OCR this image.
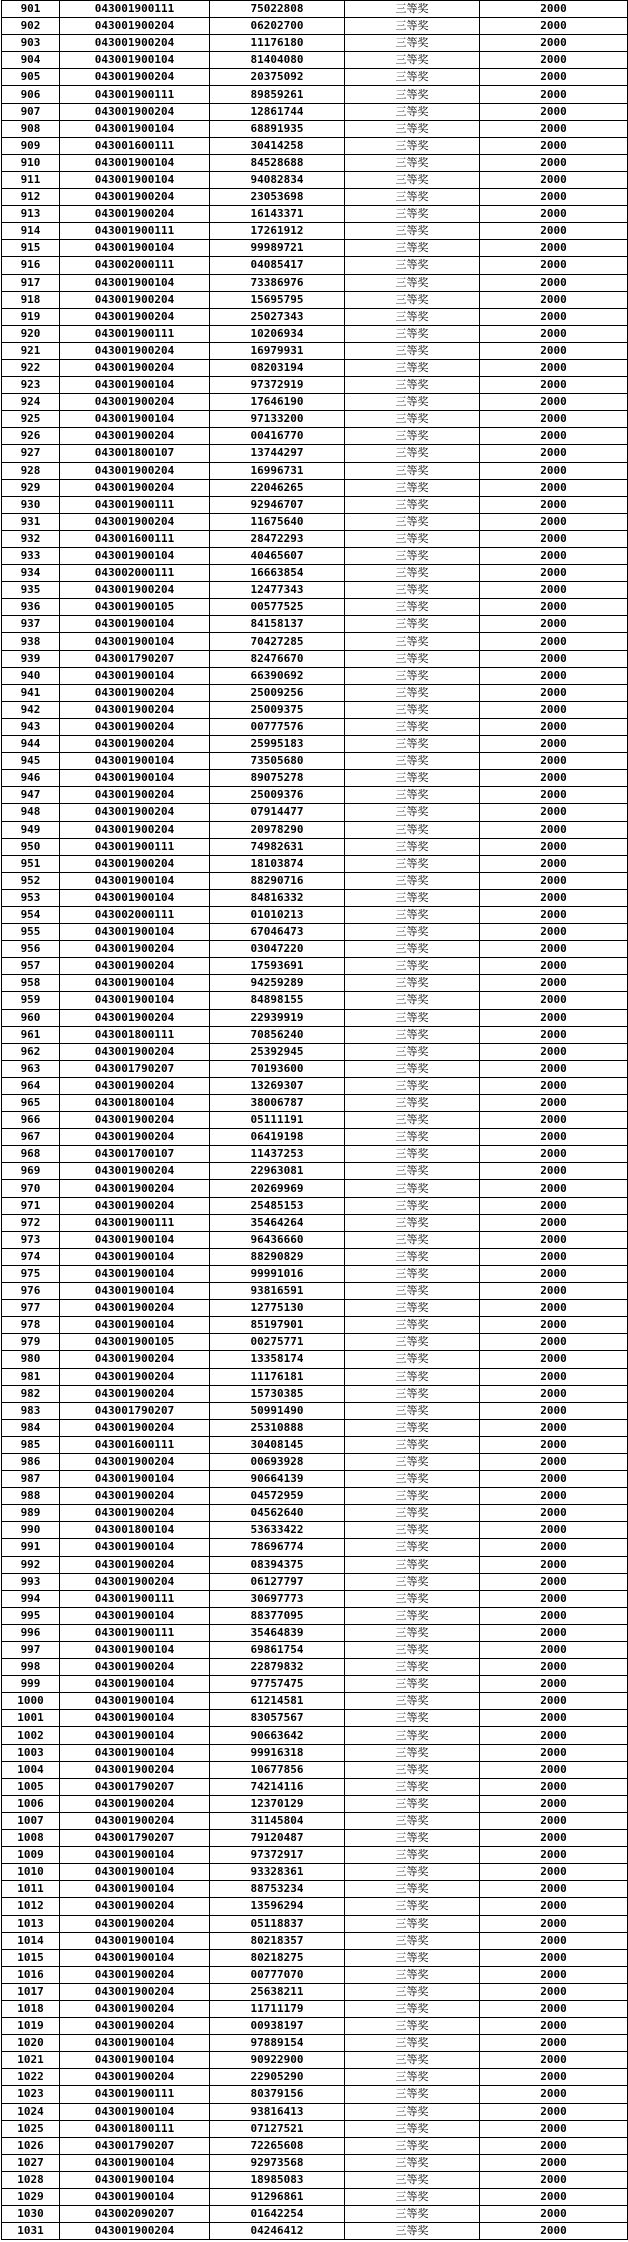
901	043001900111	75022808	三等奖	2000
902	043001900204	06202700	三等奖	2000
903	043001900204	11176180	三等奖	2000
904	043001900104	81404080	三等奖	2000
905	043001900204	20375092	三等奖	2000
906	043001900111	89859261	三等奖	2000
907	043001900204	12861744	三等奖	2000
908	043001900104	68891935	三等奖	2000
909	043001600111	30414258	三等奖	2000
910	043001900104	84528688	三等奖	2000
911	043001900104	94082834	三等奖	2000
912	043001900204	23053698	三等奖	2000
913	043001900204	16143371	三等奖	2000
914	043001900111	17261912	三等奖	2000
915	043001900104	99989721	三等奖	2000
916	043002000111	04085417	三等奖	2000
917	043001900104	73386976	三等奖	2000
918	043001900204	15695795	三等奖	2000
919	043001900204	25027343	三等奖	2000
920	043001900111	10206934	三等奖	2000
921	043001900204	16979931	三等奖	2000
922	043001900204	08203194	三等奖	2000
923	043001900104	97372919	三等奖	2000
924	043001900204	17646190	三等奖	2000
925	043001900104	97133200	三等奖	2000
926	043001900204	00416770	三等奖	2000
927	043001800107	13744297	三等奖	2000
928	043001900204	16996731	三等奖	2000
929	043001900204	22046265	三等奖	2000
930	043001900111	92946707	三等奖	2000
931	043001900204	11675640	三等奖	2000
932	043001600111	28472293	三等奖	2000
933	043001900104	40465607	三等奖	2000
934	043002000111	16663854	三等奖	2000
935	043001900204	12477343	三等奖	2000
936	043001900105	00577525	三等奖	2000
937	043001900104	84158137	三等奖	2000
938	043001900104	70427285	三等奖	2000
939	043001790207	82476670	三等奖	2000
940	043001900104	66390692	三等奖	2000
941	043001900204	25009256	三等奖	2000
942	043001900204	25009375	三等奖	2000
943	043001900204	00777576	三等奖	2000
944	043001900204	25995183	三等奖	2000
945	043001900104	73505680	三等奖	2000
946	043001900104	89075278	三等奖	2000
947	043001900204	25009376	三等奖	2000
948	043001900204	07914477	三等奖	2000
949	043001900204	20978290	三等奖	2000
950	043001900111	74982631	三等奖	2000
951	043001900204	18103874	三等奖	2000
952	043001900104	88290716	三等奖	2000
953	043001900104	84816332	三等奖	2000
954	043002000111	01010213	三等奖	2000
955	043001900104	67046473	三等奖	2000
956	043001900204	03047220	三等奖	2000
957	043001900204	17593691	三等奖	2000
958	043001900104	94259289	三等奖	2000
959	043001900104	84898155	三等奖	2000
960	043001900204	22939919	三等奖	2000
961	043001800111	70856240	三等奖	2000
962	043001900204	25392945	三等奖	2000
963	043001790207	70193600	三等奖	2000
964	043001900204	13269307	三等奖	2000
965	043001800104	38006787	三等奖	2000
966	043001900204	05111191	三等奖	2000
967	043001900204	06419198	三等奖	2000
968	043001700107	11437253	三等奖	2000
969	043001900204	22963081	三等奖	2000
970	043001900204	20269969	三等奖	2000
971	043001900204	25485153	三等奖	2000
972	043001900111	35464264	三等奖	2000
973	043001900104	96436660	三等奖	2000
974	043001900104	88290829	三等奖	2000
975	043001900104	99991016	三等奖	2000
976	043001900104	93816591	三等奖	2000
977	043001900204	12775130	三等奖	2000
978	043001900104	85197901	三等奖	2000
979	043001900105	00275771	三等奖	2000
980	043001900204	13358174	三等奖	2000
981	043001900204	11176181	三等奖	2000
982	043001900204	15730385	三等奖	2000
983	043001790207	50991490	三等奖	2000
984	043001900204	25310888	三等奖	2000
985	043001600111	30408145	三等奖	2000
986	043001900204	00693928	三等奖	2000
987	043001900104	90664139	三等奖	2000
988	043001900204	04572959	三等奖	2000
989	043001900204	04562640	三等奖	2000
990	043001800104	53633422	三等奖	2000
991	043001900104	78696774	三等奖	2000
992	043001900204	08394375	三等奖	2000
993	043001900204	06127797	三等奖	2000
994	043001900111	30697773	三等奖	2000
995	043001900104	88377095	三等奖	2000
996	043001900111	35464839	三等奖	2000
997	043001900104	69861754	三等奖	2000
998	043001900204	22879832	三等奖	2000
999	043001900104	97757475	三等奖	2000
1000	043001900104	61214581	三等奖	2000
1001	043001900104	83057567	三等奖	2000
1002	043001900104	90663642	三等奖	2000
1003	043001900104	99916318	三等奖	2000
1004	043001900204	10677856	三等奖	2000
1005	043001790207	74214116	三等奖	2000
1006	043001900204	12370129	三等奖	2000
1007	043001900204	31145804	三等奖	2000
1008	043001790207	79120487	三等奖	2000
1009	043001900104	97372917	三等奖	2000
1010	043001900104	93328361	三等奖	2000
1011	043001900104	88753234	三等奖	2000
1012	043001900204	13596294	三等奖	2000
1013	043001900204	05118837	三等奖	2000
1014	043001900104	80218357	三等奖	2000
1015	043001900104	80218275	三等奖	2000
1016	043001900204	00777070	三等奖	2000
1017	043001900204	25638211	三等奖	2000
1018	043001900204	11711179	三等奖	2000
1019	043001900204	00938197	三等奖	2000
1020	043001900104	97889154	三等奖	2000
1021	043001900104	90922900	三等奖	2000
1022	043001900204	22905290	三等奖	2000
1023	043001900111	80379156	三等奖	2000
1024	043001900104	93816413	三等奖	2000
1025	043001800111	07127521	三等奖	2000
1026	043001790207	72265608	三等奖	2000
1027	043001900104	92973568	三等奖	2000
1028	043001900104	18985083	三等奖	2000
1029	043001900104	91296861	三等奖	2000
1030	043002090207	01642254	三等奖	2000
1031	043001900204	04246412	三等奖	2000
